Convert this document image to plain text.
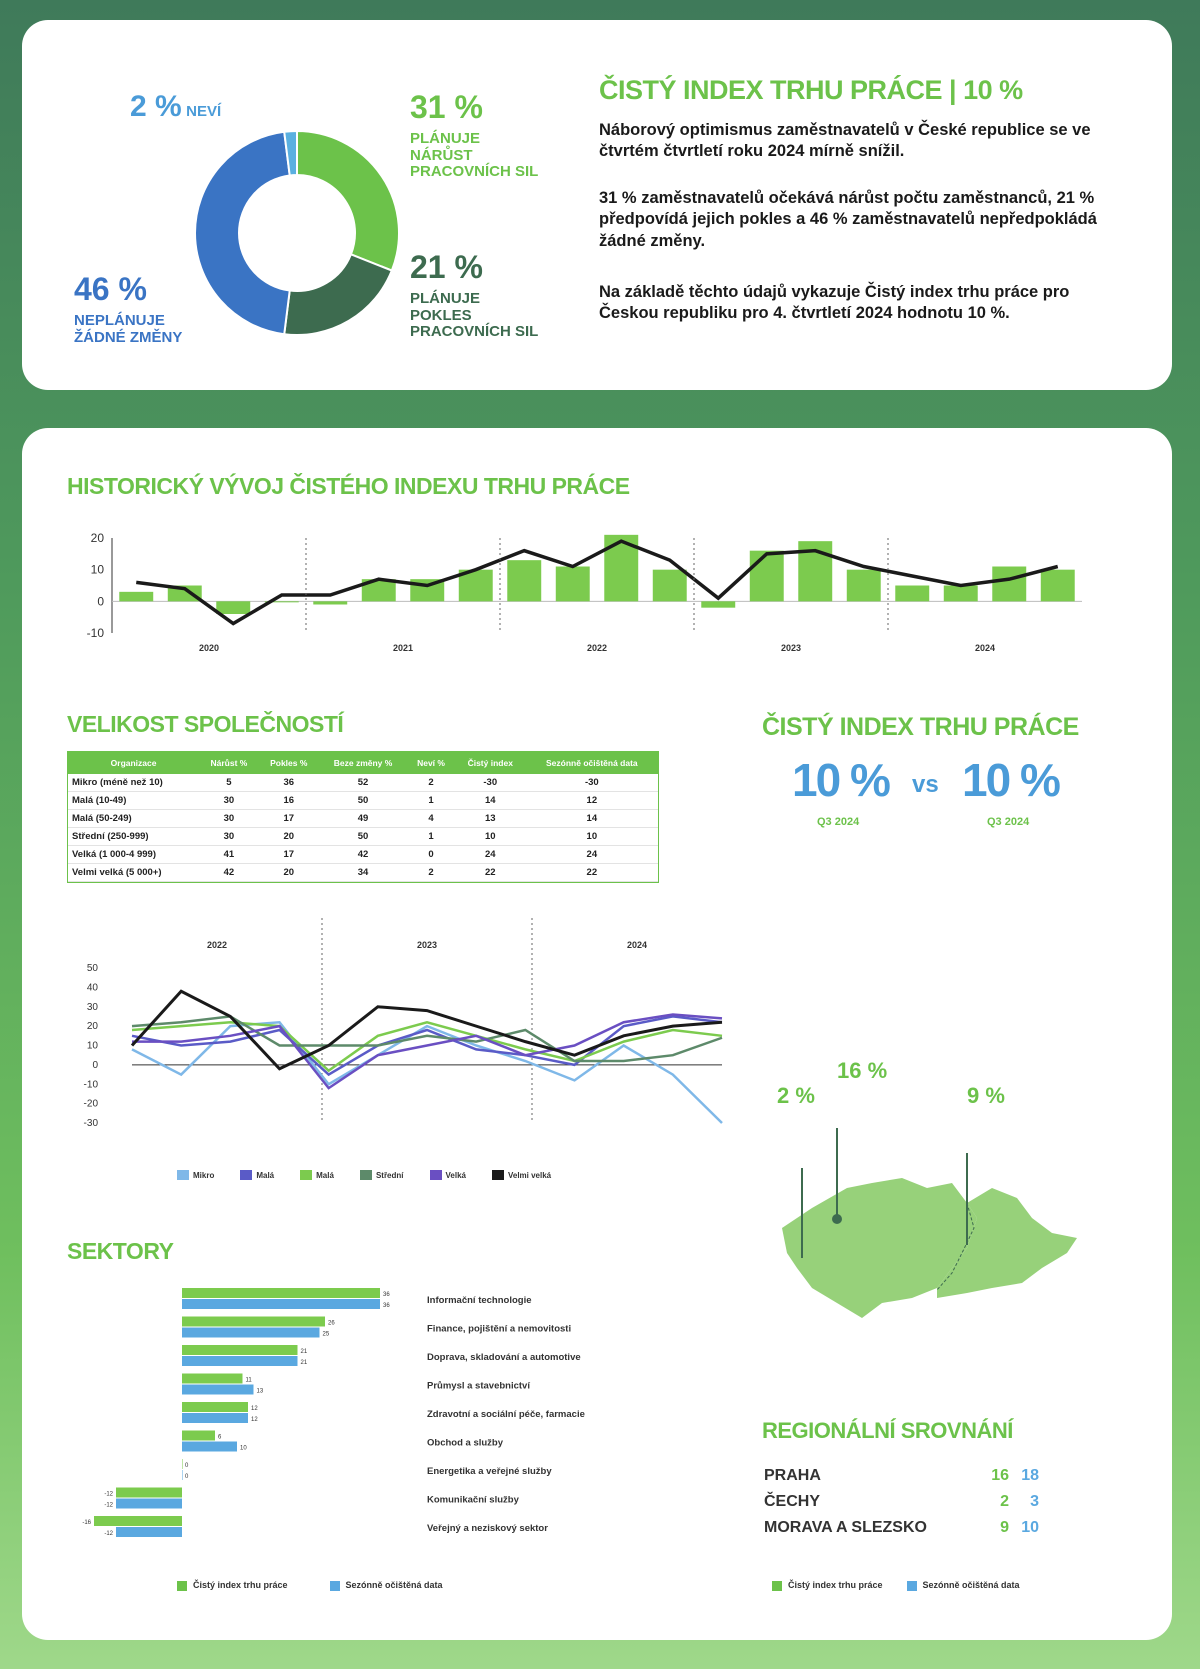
2 % NEVÍ	31 %
PLÁNUJE
NÁRŮST
PRACOVNÍCH SIL
21 %
PLÁNUJE
POKLES
PRACOVNÍCH SIL
46 %
NEPLÁNUJE
ŽÁDNÉ ZMĚNY
ČISTÝ INDEX TRHU PRÁCE | 10 %
Náborový optimismus zaměstnavatelů v České republice se ve čtvrtém čtvrtletí roku 2024 mírně snížil.
31 % zaměstnavatelů očekává nárůst počtu zaměstnanců, 21 % předpovídá jejich pokles a 46 % zaměstnavatelů nepředpokládá žádné změny.
Na základě těchto údajů vykazuje Čistý index trhu práce pro Českou republiku pro 4. čtvrtletí 2024 hodnotu 10 %.
HISTORICKÝ VÝVOJ ČISTÉHO INDEXU TRHU PRÁCE
-10
0
10
20
2020	2021	2022	2023	2024
VELIKOST SPOLEČNOSTÍ
Organizace	Nárůst %	Pokles %	Beze změny %	Neví %	Čistý index	Sezónně očištěná data
Mikro (méně než 10)	5	36	52	2	-30	-30
Malá (10-49)	30	16	50	1	14	12
Malá (50-249)	30	17	49	4	13	14
Střední (250-999)	30	20	50	1	10	10
Velká (1 000-4 999)	41	17	42	0	24	24
Velmi velká (5 000+)	42	20	34	2	22	22
ČISTÝ INDEX TRHU PRÁCE
10 % vs 10 %
Q3 2024	Q3 2024
-30
-20
-10
0
10
20
30
40
50
2022	2023	2024
Mikro	Malá	Malá	Střední	Velká	Velmi velká
SEKTORY
36
36	Informační technologie
26
25	Finance, pojištění a nemovitosti
21
21	Doprava, skladování a automotive
11
13	Průmysl a stavebnictví
12
12	Zdravotní a sociální péče, farmacie
6
10	Obchod a služby
0
0	Energetika a veřejné služby
-12
-12	Komunikační služby
-16
-12	Veřejný a neziskový sektor
Čistý index trhu práce	Sezónně očištěná data
2 %
16 %
9 %
REGIONÁLNÍ SROVNÁNÍ
PRAHA	16 18
ČECHY	2	3
MORAVA A SLEZSKO	9 10
Čistý index trhu práce	Sezónně očištěná data
